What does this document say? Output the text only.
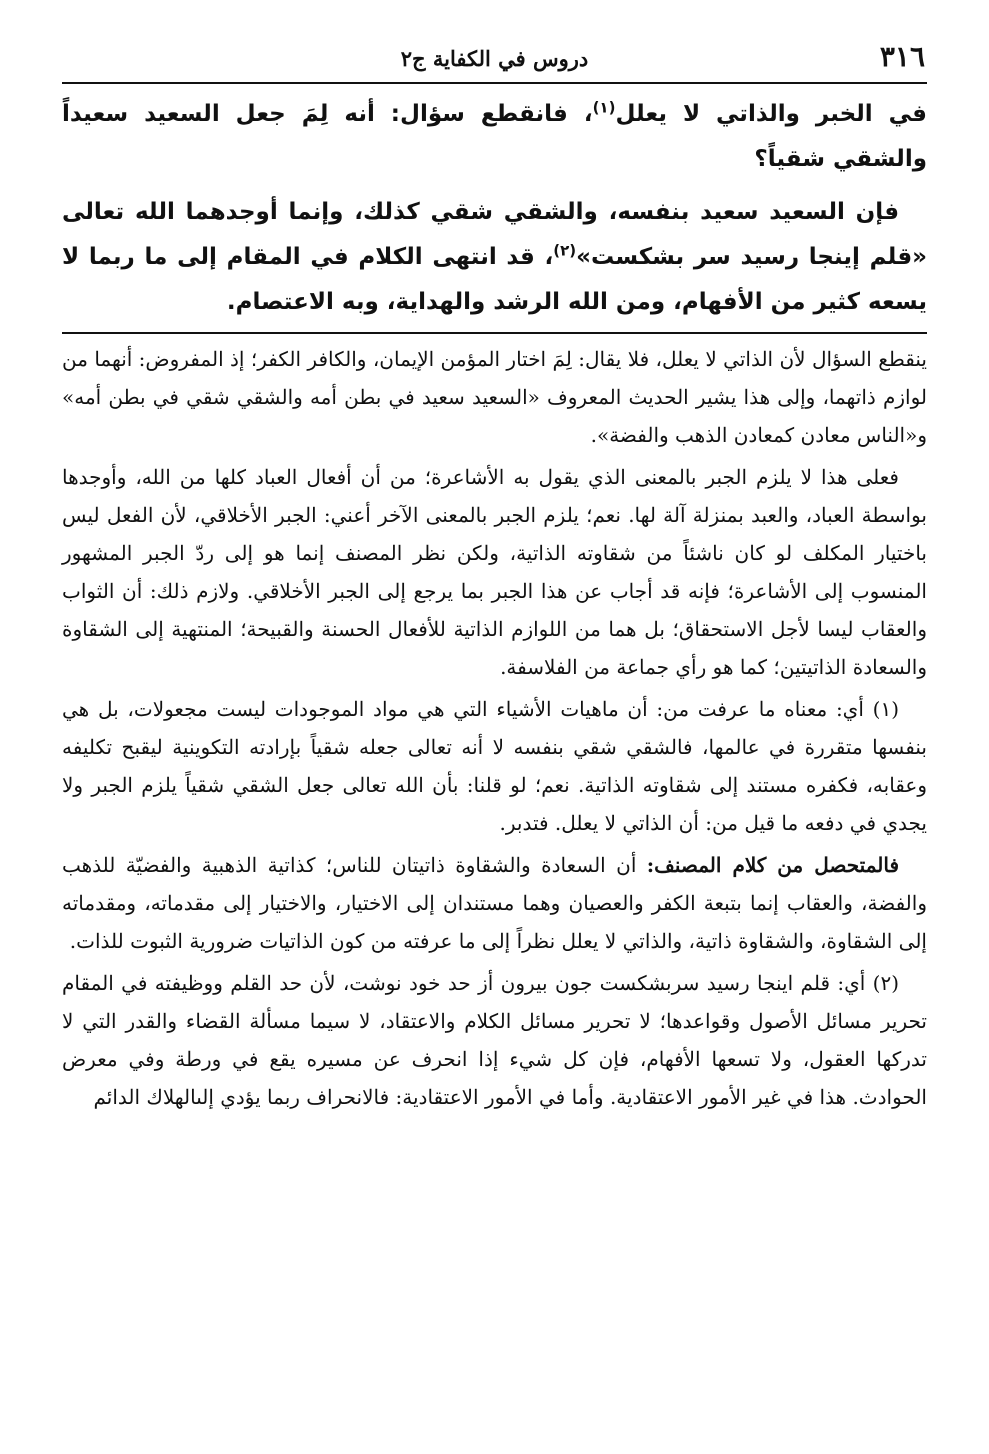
٣١٦
دروس في الكفاية ج٢

في الخبر والذاتي لا يعلل$^{(١)}$، فانقطع سؤال: أنه لِمَ جعل السعيد سعيداً والشقي شقياً؟

فإن السعيد سعيد بنفسه، والشقي شقي كذلك، وإنما أوجدهما الله تعالى «قلم إينجا رسيد سر بشكست»$^{(٢)}$، قد انتهى الكلام في المقام إلى ما ربما لا يسعه كثير من الأفهام، ومن الله الرشد والهداية، وبه الاعتصام.

ينقطع السؤال لأن الذاتي لا يعلل، فلا يقال: لِمَ اختار المؤمن الإيمان، والكافر الكفر؛ إذ المفروض: أنهما من لوازم ذاتهما، وإلى هذا يشير الحديث المعروف «السعيد سعيد في بطن أمه والشقي شقي في بطن أمه» و«الناس معادن كمعادن الذهب والفضة».

فعلى هذا لا يلزم الجبر بالمعنى الذي يقول به الأشاعرة؛ من أن أفعال العباد كلها من الله، وأوجدها بواسطة العباد، والعبد بمنزلة آلة لها. نعم؛ يلزم الجبر بالمعنى الآخر أعني: الجبر الأخلاقي، لأن الفعل ليس باختيار المكلف لو كان ناشئاً من شقاوته الذاتية، ولكن نظر المصنف إنما هو إلى ردّ الجبر المشهور المنسوب إلى الأشاعرة؛ فإنه قد أجاب عن هذا الجبر بما يرجع إلى الجبر الأخلاقي. ولازم ذلك: أن الثواب والعقاب ليسا لأجل الاستحقاق؛ بل هما من اللوازم الذاتية للأفعال الحسنة والقبيحة؛ المنتهية إلى الشقاوة والسعادة الذاتيتين؛ كما هو رأي جماعة من الفلاسفة.

(١) أي: معناه ما عرفت من: أن ماهيات الأشياء التي هي مواد الموجودات ليست مجعولات، بل هي بنفسها متقررة في عالمها، فالشقي شقي بنفسه لا أنه تعالى جعله شقياً بإرادته التكوينية ليقبح تكليفه وعقابه، فكفره مستند إلى شقاوته الذاتية. نعم؛ لو قلنا: بأن الله تعالى جعل الشقي شقياً يلزم الجبر ولا يجدي في دفعه ما قيل من: أن الذاتي لا يعلل. فتدبر.

فالمتحصل من كلام المصنف: أن السعادة والشقاوة ذاتيتان للناس؛ كذاتية الذهبية والفضيّة للذهب والفضة، والعقاب إنما بتبعة الكفر والعصيان وهما مستندان إلى الاختيار، والاختيار إلى مقدماته، ومقدماته إلى الشقاوة، والشقاوة ذاتية، والذاتي لا يعلل نظراً إلى ما عرفته من كون الذاتيات ضرورية الثبوت للذات.

(٢) أي: قلم اينجا رسيد سربشكست جون بيرون أز حد خود نوشت، لأن حد القلم ووظيفته في المقام تحرير مسائل الأصول وقواعدها؛ لا تحرير مسائل الكلام والاعتقاد، لا سيما مسألة القضاء والقدر التي لا تدركها العقول، ولا تسعها الأفهام، فإن كل شيء إذا انحرف عن مسيره يقع في ورطة وفي معرض الحوادث. هذا في غير الأمور الاعتقادية. وأما في الأمور الاعتقادية: فالانحراف ربما يؤدي إلىالهلاك الدائم
